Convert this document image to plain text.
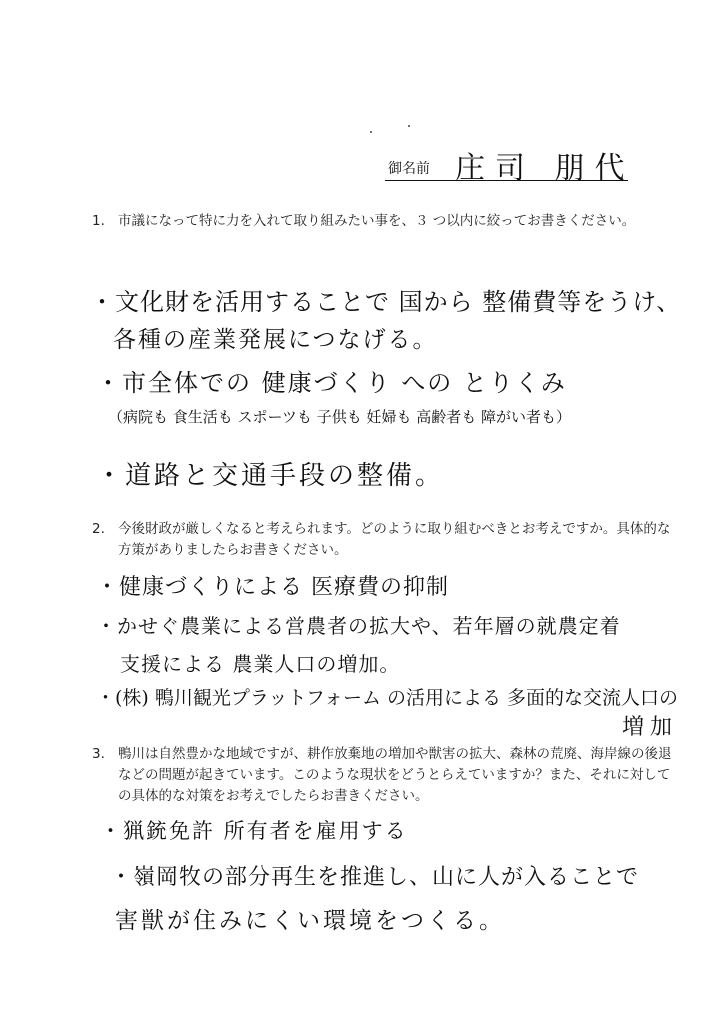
御名前 庄司 朋代
1. 市議になって特に力を入れて取り組みたい事を、３ つ以内に絞ってお書きください。
・文化財を活用することで 国から 整備費等をうけ、
各種の産業発展につなげる。
・市全体での 健康づくり への とりくみ
（病院も 食生活も スポーツも 子供も 妊婦も 高齢者も 障がい者も）
・道路と交通手段の整備。
2. 今後財政が厳しくなると考えられます。どのように取り組むべきとお考えですか。具体的な方策がありましたらお書きください。
・健康づくりによる 医療費の抑制
・かせぐ農業による営農者の拡大や、若年層の就農定着
支援による 農業人口の増加。
・(株) 鴨川観光プラットフォーム の活用による 多面的な交流人口の
増加
3. 鴨川は自然豊かな地域ですが、耕作放棄地の増加や獣害の拡大、森林の荒廃、海岸線の後退などの問題が起きています。このような現状をどうとらえていますか？また、それに対しての具体的な対策をお考えでしたらお書きください。
・猟銃免許 所有者を雇用する
・嶺岡牧の部分再生を推進し、山に人が入ることで
害獣が住みにくい環境をつくる。
